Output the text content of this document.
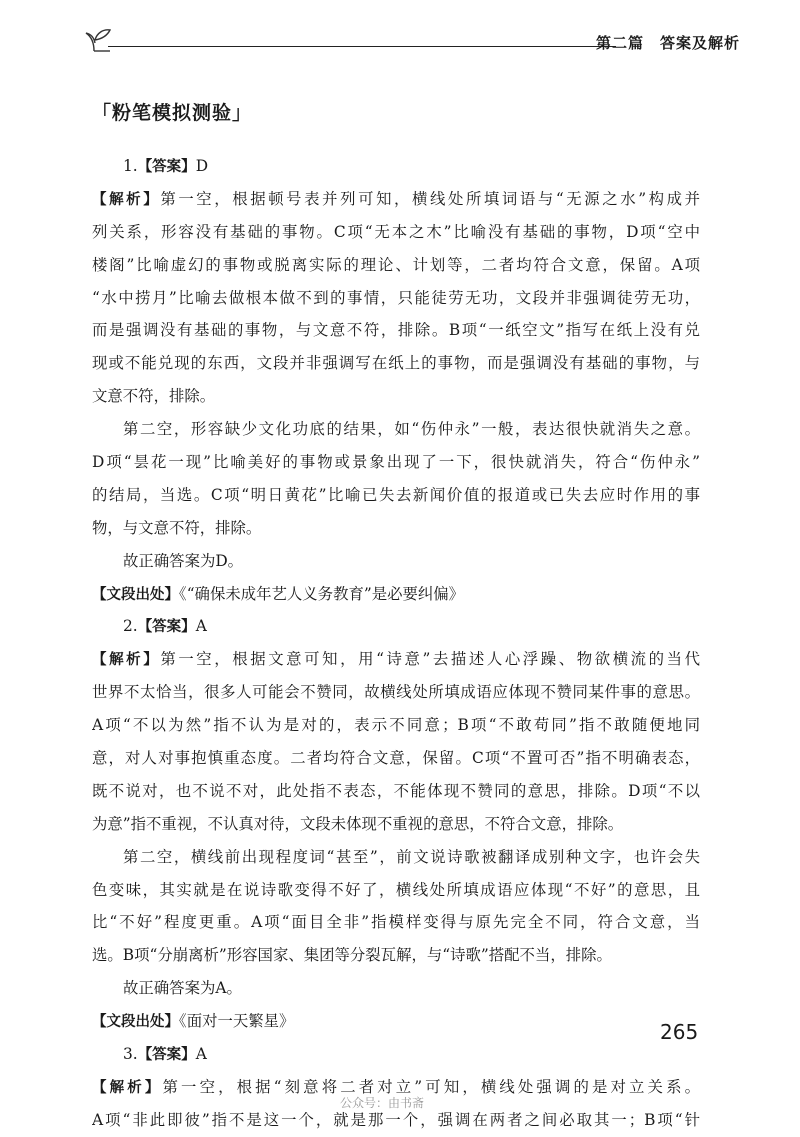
第二篇　答案及解析
「粉笔模拟测验」
1.【答案】D
【解析】第一空，根据顿号表并列可知，横线处所填词语与“无源之水”构成并
列关系，形容没有基础的事物。C项“无本之木”比喻没有基础的事物，D项“空中
楼阁”比喻虚幻的事物或脱离实际的理论、计划等，二者均符合文意，保留。A项
“水中捞月”比喻去做根本做不到的事情，只能徒劳无功，文段并非强调徒劳无功，
而是强调没有基础的事物，与文意不符，排除。B项“一纸空文”指写在纸上没有兑
现或不能兑现的东西，文段并非强调写在纸上的事物，而是强调没有基础的事物，与
文意不符，排除。
第二空，形容缺少文化功底的结果，如“伤仲永”一般，表达很快就消失之意。
D项“昙花一现”比喻美好的事物或景象出现了一下，很快就消失，符合“伤仲永”
的结局，当选。C项“明日黄花”比喻已失去新闻价值的报道或已失去应时作用的事
物，与文意不符，排除。
故正确答案为D。
【文段出处】《“确保未成年艺人义务教育”是必要纠偏》
2.【答案】A
【解析】第一空，根据文意可知，用“诗意”去描述人心浮躁、物欲横流的当代
世界不太恰当，很多人可能会不赞同，故横线处所填成语应体现不赞同某件事的意思。
A项“不以为然”指不认为是对的，表示不同意；B项“不敢苟同”指不敢随便地同
意，对人对事抱慎重态度。二者均符合文意，保留。C项“不置可否”指不明确表态，
既不说对，也不说不对，此处指不表态，不能体现不赞同的意思，排除。D项“不以
为意”指不重视，不认真对待，文段未体现不重视的意思，不符合文意，排除。
第二空，横线前出现程度词“甚至”，前文说诗歌被翻译成别种文字，也许会失
色变味，其实就是在说诗歌变得不好了，横线处所填成语应体现“不好”的意思，且
比“不好”程度更重。A项“面目全非”指模样变得与原先完全不同，符合文意，当
选。B项“分崩离析”形容国家、集团等分裂瓦解，与“诗歌”搭配不当，排除。
故正确答案为A。
【文段出处】《面对一天繁星》
3.【答案】A
【解析】第一空，根据“刻意将二者对立”可知，横线处强调的是对立关系。
A项“非此即彼”指不是这一个，就是那一个，强调在两者之间必取其一；B项“针
265
公众号：由书斋
